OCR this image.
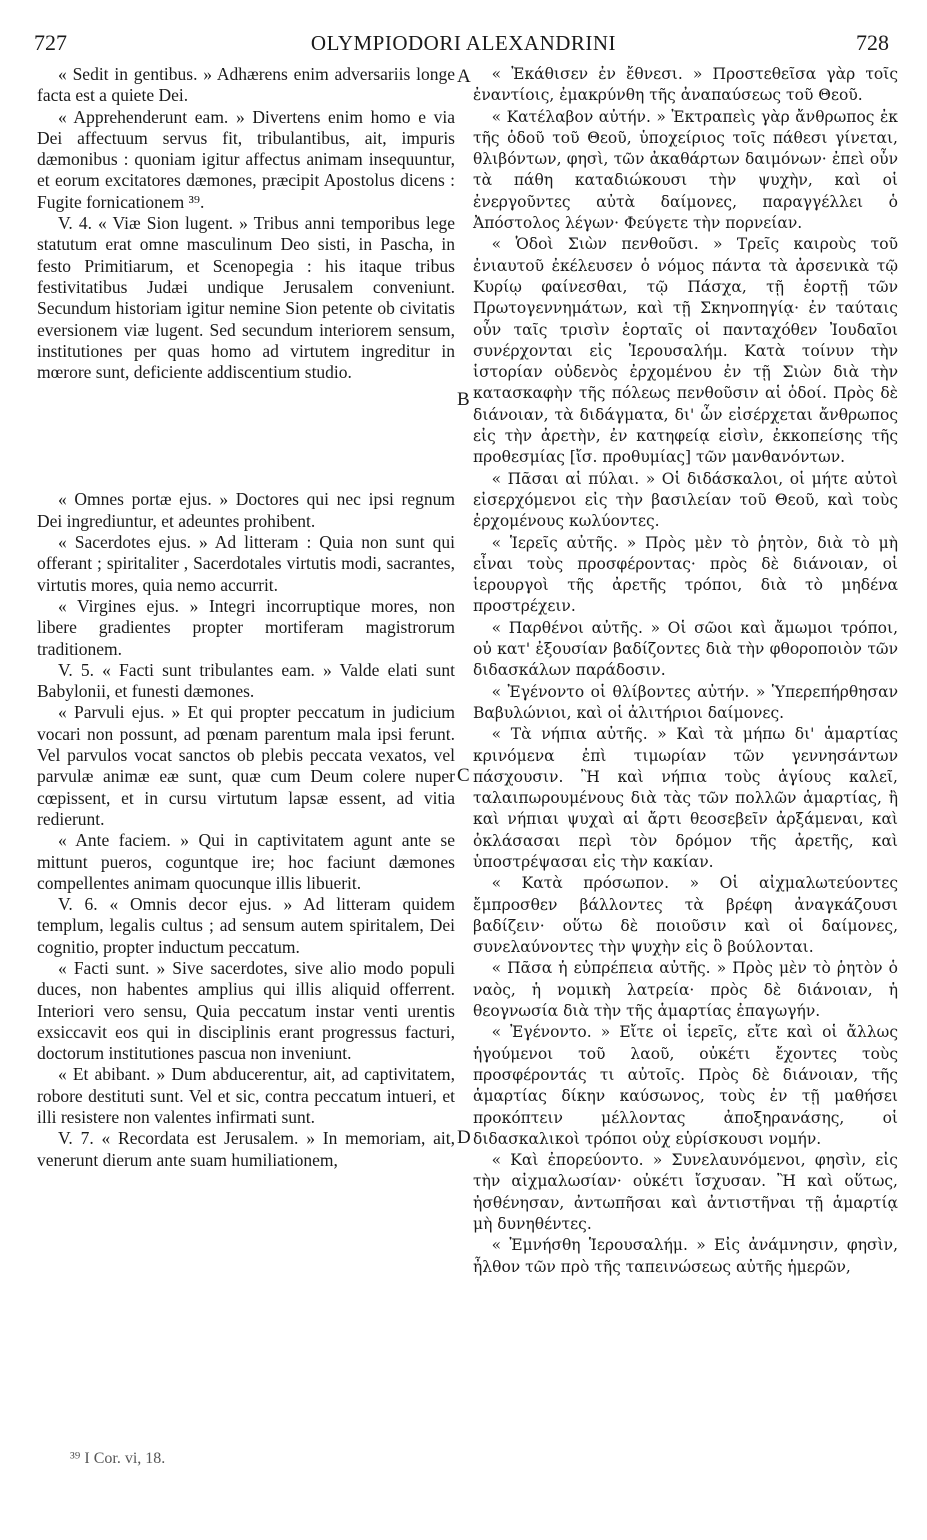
727	OLYMPIODORI ALEXANDRINI	728

« Sedit in gentibus. » Adhærens enim adversariis longe facta est a quiete Dei.

« Apprehenderunt eam. » Divertens enim homo e via Dei affectuum servus fit, tribulantibus, ait, impuris dæmonibus : quoniam igitur affectus animam insequuntur, et eorum excitatores dæmones, præcipit Apostolus dicens : Fugite fornicationem ³⁹.

V. 4. « Viæ Sion lugent. » Tribus anni temporibus lege statutum erat omne masculinum Deo sisti, in Pascha, in festo Primitiarum, et Scenopegia : his itaque tribus festivitatibus Judæi undique Jerusalem conveniunt. Secundum historiam igitur nemine Sion petente ob civitatis eversionem viæ lugent. Sed secundum interiorem sensum, institutiones per quas homo ad virtutem ingreditur in mœrore sunt, deficiente addiscentium studio.

« Omnes portæ ejus. » Doctores qui nec ipsi regnum Dei ingrediuntur, et adeuntes prohibent.

« Sacerdotes ejus. » Ad litteram : Quia non sunt qui offerant ; spiritaliter , Sacerdotales virtutis modi, sacrantes, virtutis mores, quia nemo accurrit.

« Virgines ejus. » Integri incorruptique mores, non libere gradientes propter mortiferam magistrorum traditionem.

V. 5. « Facti sunt tribulantes eam. » Valde elati sunt Babylonii, et funesti dæmones.

« Parvuli ejus. » Et qui propter peccatum in judicium vocari non possunt, ad pœnam parentum mala ipsi ferunt. Vel parvulos vocat sanctos ob plebis peccata vexatos, vel parvulæ animæ eæ sunt, quæ cum Deum colere nuper cœpissent, et in cursu virtutum lapsæ essent, ad vitia redierunt.

« Ante faciem. » Qui in captivitatem agunt ante se mittunt pueros, coguntque ire; hoc faciunt dæmones compellentes animam quocunque illis libuerit.

V. 6. « Omnis decor ejus. » Ad litteram quidem templum, legalis cultus ; ad sensum autem spiritalem, Dei cognitio, propter inductum peccatum.

« Facti sunt. » Sive sacerdotes, sive alio modo populi duces, non habentes amplius qui illis aliquid offerrent. Interiori vero sensu, Quia peccatum instar venti urentis exsiccavit eos qui in disciplinis erant progressus facturi, doctorum institutiones pascua non inveniunt.

« Et abibant. » Dum abducerentur, ait, ad captivitatem, robore destituti sunt. Vel et sic, contra peccatum intueri, et illi resistere non valentes infirmati sunt.

V. 7. « Recordata est Jerusalem. » In memoriam, ait, venerunt dierum ante suam humiliationem,

A
B
C
D

« Ἐκάθισεν ἐν ἔθνεσι. » Προστεθεῖσα γὰρ τοῖς ἐναντίοις, ἐμακρύνθη τῆς ἀναπαύσεως τοῦ Θεοῦ.

« Κατέλαβον αὐτήν. » Ἐκτραπεὶς γὰρ ἄνθρωπος ἐκ τῆς ὁδοῦ τοῦ Θεοῦ, ὑποχείριος τοῖς πάθεσι γίνεται, θλιβόντων, φησὶ, τῶν ἀκαθάρτων δαιμόνων· ἐπεὶ οὖν τὰ πάθη καταδιώκουσι τὴν ψυχὴν, καὶ οἱ ἐνεργοῦντες αὐτὰ δαίμονες, παραγγέλλει ὁ Ἀπόστολος λέγων· Φεύγετε τὴν πορνείαν.

« Ὁδοὶ Σιὼν πενθοῦσι. » Τρεῖς καιροὺς τοῦ ἐνιαυτοῦ ἐκέλευσεν ὁ νόμος πάντα τὰ ἀρσενικὰ τῷ Κυρίῳ φαίνεσθαι, τῷ Πάσχα, τῇ ἑορτῇ τῶν Πρωτογεννημάτων, καὶ τῇ Σκηνοπηγίᾳ· ἐν ταύταις οὖν ταῖς τρισὶν ἑορταῖς οἱ πανταχόθεν Ἰουδαῖοι συνέρχονται εἰς Ἱερουσαλήμ. Κατὰ τοίνυν τὴν ἱστορίαν οὐδενὸς ἐρχομένου ἐν τῇ Σιὼν διὰ τὴν κατασκαφὴν τῆς πόλεως πενθοῦσιν αἱ ὁδοί. Πρὸς δὲ διάνοιαν, τὰ διδάγματα, δι' ὧν εἰσέρχεται ἄνθρωπος εἰς τὴν ἀρετὴν, ἐν κατηφείᾳ εἰσὶν, ἐκκοπείσης τῆς προθεσμίας [ἴσ. προθυμίας] τῶν μανθανόντων.

« Πᾶσαι αἱ πύλαι. » Οἱ διδάσκαλοι, οἱ μήτε αὐτοὶ εἰσερχόμενοι εἰς τὴν βασιλείαν τοῦ Θεοῦ, καὶ τοὺς ἐρχομένους κωλύοντες.

« Ἱερεῖς αὐτῆς. » Πρὸς μὲν τὸ ῥητὸν, διὰ τὸ μὴ εἶναι τοὺς προσφέροντας· πρὸς δὲ διάνοιαν, οἱ ἱερουργοὶ τῆς ἀρετῆς τρόποι, διὰ τὸ μηδένα προστρέχειν.

« Παρθένοι αὐτῆς. » Οἱ σῶοι καὶ ἄμωμοι τρόποι, οὐ κατ' ἐξουσίαν βαδίζοντες διὰ τὴν φθοροποιὸν τῶν διδασκάλων παράδοσιν.

« Ἐγένοντο οἱ θλίβοντες αὐτήν. » Ὑπερεπήρθησαν Βαβυλώνιοι, καὶ οἱ ἀλιτήριοι δαίμονες.

« Τὰ νήπια αὐτῆς. » Καὶ τὰ μήπω δι' ἁμαρτίας κρινόμενα ἐπὶ τιμωρίαν τῶν γεννησάντων πάσχουσιν. Ἢ καὶ νήπια τοὺς ἁγίους καλεῖ, ταλαιπωρουμένους διὰ τὰς τῶν πολλῶν ἁμαρτίας, ἢ καὶ νήπιαι ψυχαὶ αἱ ἄρτι θεοσεβεῖν ἀρξάμεναι, καὶ ὀκλάσασαι περὶ τὸν δρόμον τῆς ἀρετῆς, καὶ ὑποστρέψασαι εἰς τὴν κακίαν.

« Κατὰ πρόσωπον. » Οἱ αἰχμαλωτεύοντες ἔμπροσθεν βάλλοντες τὰ βρέφη ἀναγκάζουσι βαδίζειν· οὕτω δὲ ποιοῦσιν καὶ οἱ δαίμονες, συνελαύνοντες τὴν ψυχὴν εἰς ὃ βούλονται.

« Πᾶσα ἡ εὐπρέπεια αὐτῆς. » Πρὸς μὲν τὸ ῥητὸν ὁ ναὸς, ἡ νομικὴ λατρεία· πρὸς δὲ διάνοιαν, ἡ θεογνωσία διὰ τὴν τῆς ἁμαρτίας ἐπαγωγήν.

« Ἐγένοντο. » Εἴτε οἱ ἱερεῖς, εἴτε καὶ οἱ ἄλλως ἡγούμενοι τοῦ λαοῦ, οὐκέτι ἔχοντες τοὺς προσφέροντάς τι αὐτοῖς. Πρὸς δὲ διάνοιαν, τῆς ἁμαρτίας δίκην καύσωνος, τοὺς ἐν τῇ μαθήσει προκόπτειν μέλλοντας ἀποξηρανάσης, οἱ διδασκαλικοὶ τρόποι οὐχ εὑρίσκουσι νομήν.

« Καὶ ἐπορεύοντο. » Συνελαυνόμενοι, φησὶν, εἰς τὴν αἰχμαλωσίαν· οὐκέτι ἴσχυσαν. Ἢ καὶ οὕτως, ἠσθένησαν, ἀντωπῆσαι καὶ ἀντιστῆναι τῇ ἁμαρτίᾳ μὴ δυνηθέντες.

« Ἐμνήσθη Ἱερουσαλήμ. » Εἰς ἀνάμνησιν, φησὶν, ἦλθον τῶν πρὸ τῆς ταπεινώσεως αὐτῆς ἡμερῶν,

³⁹ I Cor. vi, 18.
